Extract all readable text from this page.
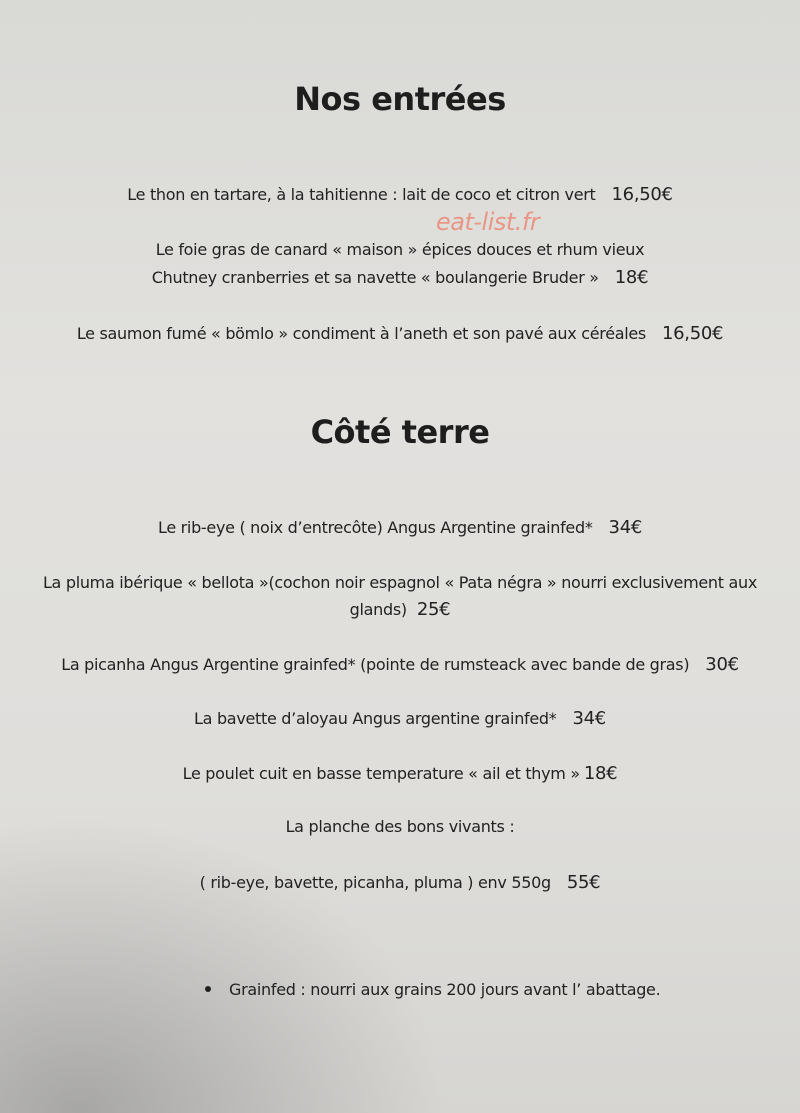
Nos entrées
Le thon en tartare, à la tahitienne : lait de coco et citron vert 16,50€
eat-list.fr
Le foie gras de canard « maison » épices douces et rhum vieux
Chutney cranberries et sa navette « boulangerie Bruder » 18€
Le saumon fumé « bömlo » condiment à l’aneth et son pavé aux céréales 16,50€
Côté terre
Le rib-eye ( noix d’entrecôte) Angus Argentine grainfed* 34€
La pluma ibérique « bellota »(cochon noir espagnol « Pata négra » nourri exclusivement aux
glands) 25€
La picanha Angus Argentine grainfed* (pointe de rumsteack avec bande de gras) 30€
La bavette d’aloyau Angus argentine grainfed* 34€
Le poulet cuit en basse temperature « ail et thym » 18€
La planche des bons vivants :
( rib-eye, bavette, picanha, pluma ) env 550g 55€
Grainfed : nourri aux grains 200 jours avant l’ abattage.
